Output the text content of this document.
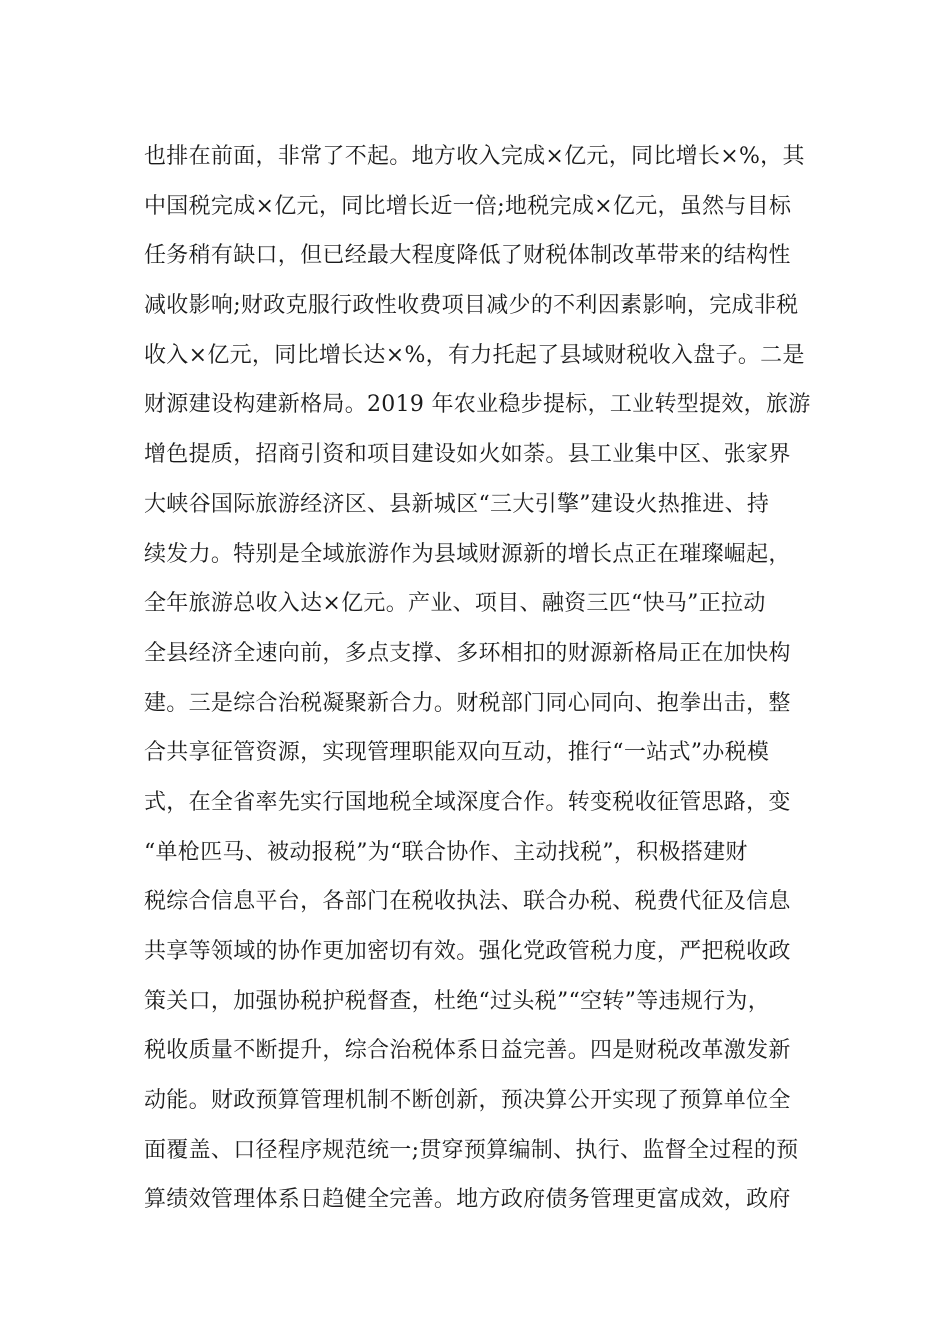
也排在前面，非常了不起。地方收入完成×亿元，同比增长×%，其
中国税完成×亿元，同比增长近一倍;地税完成×亿元，虽然与目标
任务稍有缺口，但已经最大程度降低了财税体制改革带来的结构性
减收影响;财政克服行政性收费项目减少的不利因素影响，完成非税
收入×亿元，同比增长达×%，有力托起了县域财税收入盘子。二是
财源建设构建新格局。2019 年农业稳步提标，工业转型提效，旅游
增色提质，招商引资和项目建设如火如荼。县工业集中区、张家界
大峡谷国际旅游经济区、县新城区“三大引擎”建设火热推进、持
续发力。特别是全域旅游作为县域财源新的增长点正在璀璨崛起，
全年旅游总收入达×亿元。产业、项目、融资三匹“快马”正拉动
全县经济全速向前，多点支撑、多环相扣的财源新格局正在加快构
建。三是综合治税凝聚新合力。财税部门同心同向、抱拳出击，整
合共享征管资源，实现管理职能双向互动，推行“一站式”办税模
式，在全省率先实行国地税全域深度合作。转变税收征管思路，变
“单枪匹马、被动报税”为“联合协作、主动找税”，积极搭建财
税综合信息平台，各部门在税收执法、联合办税、税费代征及信息
共享等领域的协作更加密切有效。强化党政管税力度，严把税收政
策关口，加强协税护税督查，杜绝“过头税”“空转”等违规行为，
税收质量不断提升，综合治税体系日益完善。四是财税改革激发新
动能。财政预算管理机制不断创新，预决算公开实现了预算单位全
面覆盖、口径程序规范统一;贯穿预算编制、执行、监督全过程的预
算绩效管理体系日趋健全完善。地方政府债务管理更富成效，政府
